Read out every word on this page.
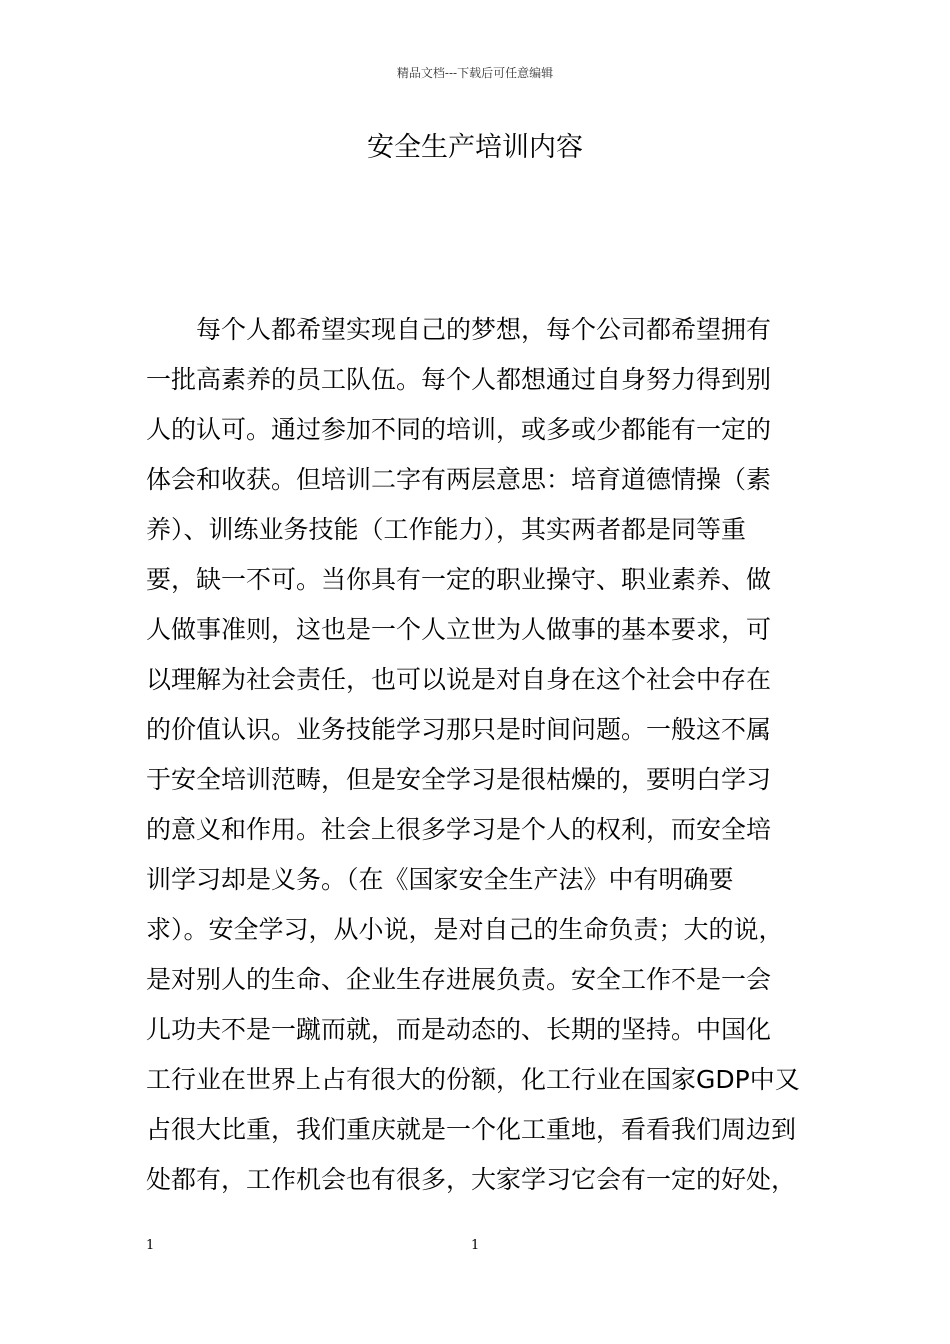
精品文档---下载后可任意编辑
安全生产培训内容
每个人都希望实现自己的梦想，每个公司都希望拥有
一批高素养的员工队伍。每个人都想通过自身努力得到别
人的认可。通过参加不同的培训，或多或少都能有一定的
体会和收获。但培训二字有两层意思：培育道德情操（素
养）、训练业务技能（工作能力），其实两者都是同等重
要，缺一不可。当你具有一定的职业操守、职业素养、做
人做事准则，这也是一个人立世为人做事的基本要求，可
以理解为社会责任，也可以说是对自身在这个社会中存在
的价值认识。业务技能学习那只是时间问题。一般这不属
于安全培训范畴，但是安全学习是很枯燥的，要明白学习
的意义和作用。社会上很多学习是个人的权利，而安全培
训学习却是义务。（在《国家安全生产法》中有明确要
求）。安全学习，从小说，是对自己的生命负责；大的说，
是对别人的生命、企业生存进展负责。安全工作不是一会
儿功夫不是一蹴而就，而是动态的、长期的坚持。中国化
工行业在世界上占有很大的份额，化工行业在国家GDP中又
占很大比重，我们重庆就是一个化工重地，看看我们周边到
处都有，工作机会也有很多，大家学习它会有一定的好处，
1	1
